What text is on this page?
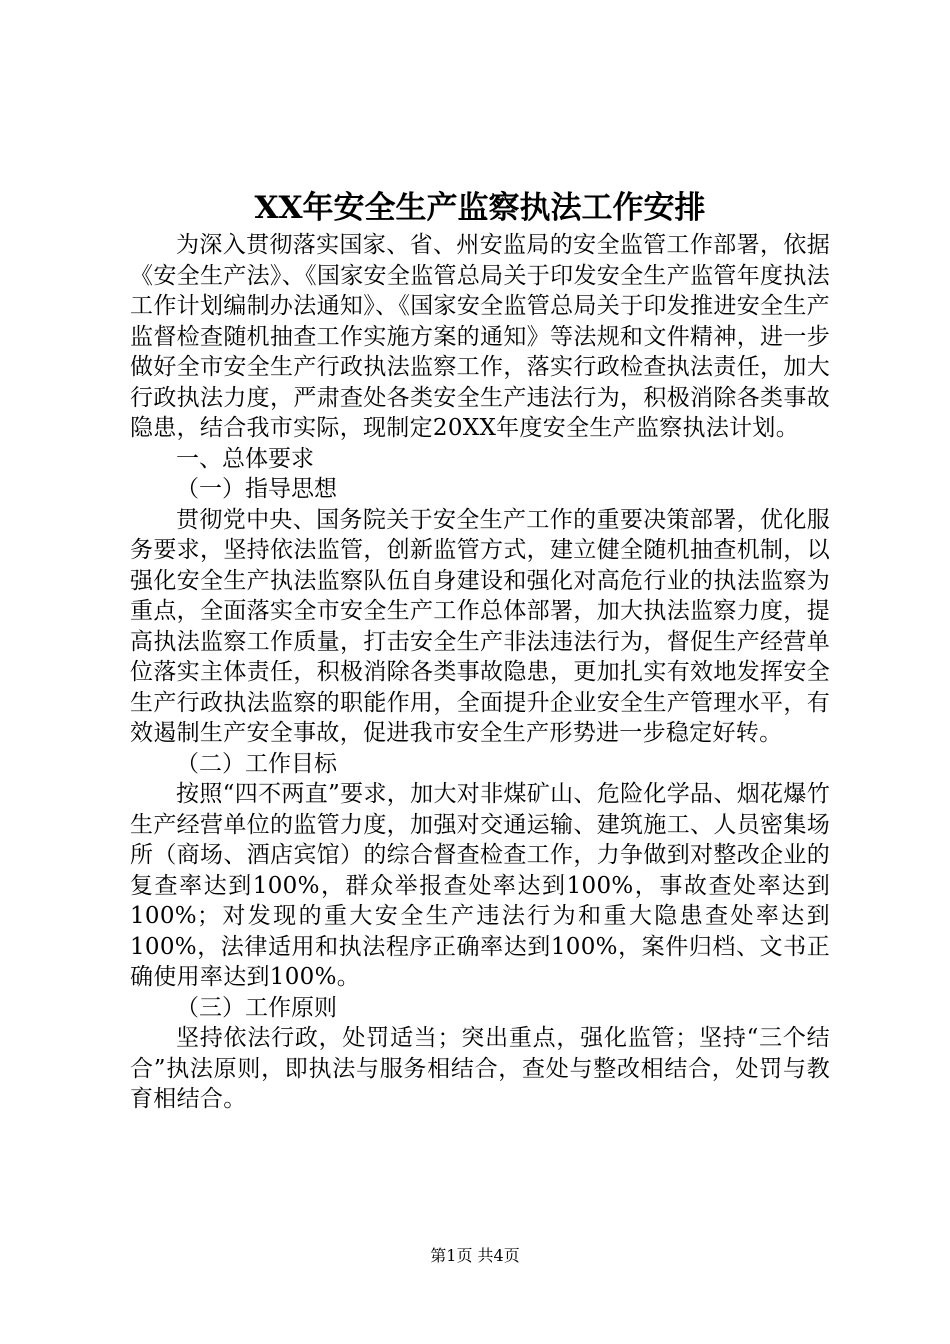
XX年安全生产监察执法工作安排

为深入贯彻落实国家、省、州安监局的安全监管工作部署，依据《安全生产法》、《国家安全监管总局关于印发安全生产监管年度执法工作计划编制办法通知》、《国家安全监管总局关于印发推进安全生产监督检查随机抽查工作实施方案的通知》等法规和文件精神，进一步做好全市安全生产行政执法监察工作，落实行政检查执法责任，加大行政执法力度，严肃查处各类安全生产违法行为，积极消除各类事故隐患，结合我市实际，现制定20XX年度安全生产监察执法计划。

一、总体要求

（一）指导思想

贯彻党中央、国务院关于安全生产工作的重要决策部署，优化服务要求，坚持依法监管，创新监管方式，建立健全随机抽查机制，以强化安全生产执法监察队伍自身建设和强化对高危行业的执法监察为重点，全面落实全市安全生产工作总体部署，加大执法监察力度，提高执法监察工作质量，打击安全生产非法违法行为，督促生产经营单位落实主体责任，积极消除各类事故隐患，更加扎实有效地发挥安全生产行政执法监察的职能作用，全面提升企业安全生产管理水平，有效遏制生产安全事故，促进我市安全生产形势进一步稳定好转。

（二）工作目标

按照“四不两直”要求，加大对非煤矿山、危险化学品、烟花爆竹生产经营单位的监管力度，加强对交通运输、建筑施工、人员密集场所（商场、酒店宾馆）的综合督查检查工作，力争做到对整改企业的复查率达到100%，群众举报查处率达到100%，事故查处率达到100%；对发现的重大安全生产违法行为和重大隐患查处率达到100%，法律适用和执法程序正确率达到100%，案件归档、文书正确使用率达到100%。

（三）工作原则

坚持依法行政，处罚适当；突出重点，强化监管；坚持“三个结合”执法原则，即执法与服务相结合，查处与整改相结合，处罚与教育相结合。

第1页 共4页
